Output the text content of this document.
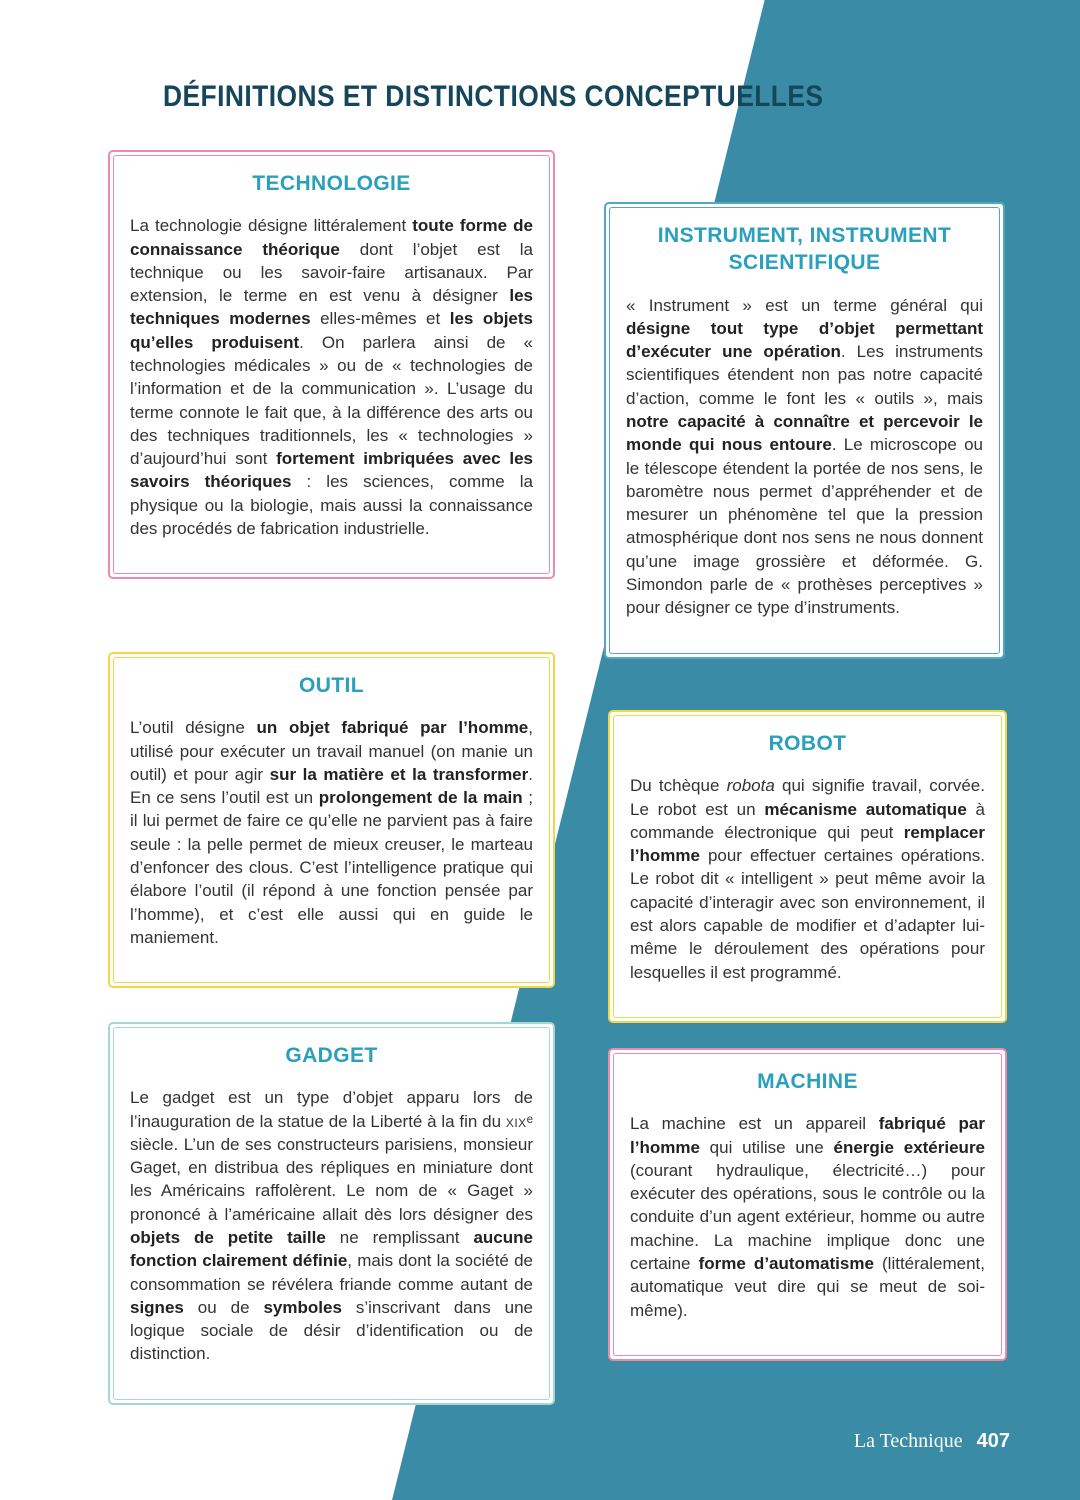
DÉFINITIONS ET DISTINCTIONS CONCEPTUELLES
TECHNOLOGIE

La technologie désigne littéralement toute forme de connaissance théorique dont l’objet est la technique ou les savoir-faire artisanaux. Par extension, le terme en est venu à désigner les techniques modernes elles-mêmes et les objets qu’elles produisent. On parlera ainsi de « technologies médicales » ou de « technologies de l’information et de la communication ». L’usage du terme connote le fait que, à la différence des arts ou des techniques traditionnels, les « technologies » d’aujourd’hui sont fortement imbriquées avec les savoirs théoriques : les sciences, comme la physique ou la biologie, mais aussi la connaissance des procédés de fabrication industrielle.

OUTIL

L’outil désigne un objet fabriqué par l’homme, utilisé pour exécuter un travail manuel (on manie un outil) et pour agir sur la matière et la transformer. En ce sens l’outil est un prolongement de la main ; il lui permet de faire ce qu’elle ne parvient pas à faire seule : la pelle permet de mieux creuser, le marteau d’enfoncer des clous. C’est l’intelligence pratique qui élabore l’outil (il répond à une fonction pensée par l’homme), et c’est elle aussi qui en guide le maniement.

GADGET

Le gadget est un type d’objet apparu lors de l’inauguration de la statue de la Liberté à la fin du xixᵉ siècle. L’un de ses constructeurs parisiens, monsieur Gaget, en distribua des répliques en miniature dont les Américains raffolèrent. Le nom de « Gaget » prononcé à l’américaine allait dès lors désigner des objets de petite taille ne remplissant aucune fonction clairement définie, mais dont la société de consommation se révélera friande comme autant de signes ou de symboles s’inscrivant dans une logique sociale de désir d’identification ou de distinction.

INSTRUMENT, INSTRUMENT SCIENTIFIQUE

« Instrument » est un terme général qui désigne tout type d’objet permettant d’exécuter une opération. Les instruments scientifiques étendent non pas notre capacité d’action, comme le font les « outils », mais notre capacité à connaître et percevoir le monde qui nous entoure. Le microscope ou le télescope étendent la portée de nos sens, le baromètre nous permet d’appréhender et de mesurer un phénomène tel que la pression atmosphérique dont nos sens ne nous donnent qu’une image grossière et déformée. G. Simondon parle de « prothèses perceptives » pour désigner ce type d’instruments.

ROBOT

Du tchèque robota qui signifie travail, corvée. Le robot est un mécanisme automatique à commande électronique qui peut remplacer l’homme pour effectuer certaines opérations. Le robot dit « intelligent » peut même avoir la capacité d’interagir avec son environnement, il est alors capable de modifier et d’adapter lui-même le déroulement des opérations pour lesquelles il est programmé.

MACHINE

La machine est un appareil fabriqué par l’homme qui utilise une énergie extérieure (courant hydraulique, électricité…) pour exécuter des opérations, sous le contrôle ou la conduite d’un agent extérieur, homme ou autre machine. La machine implique donc une certaine forme d’automatisme (littéralement, automatique veut dire qui se meut de soi-même).

La Technique 407
